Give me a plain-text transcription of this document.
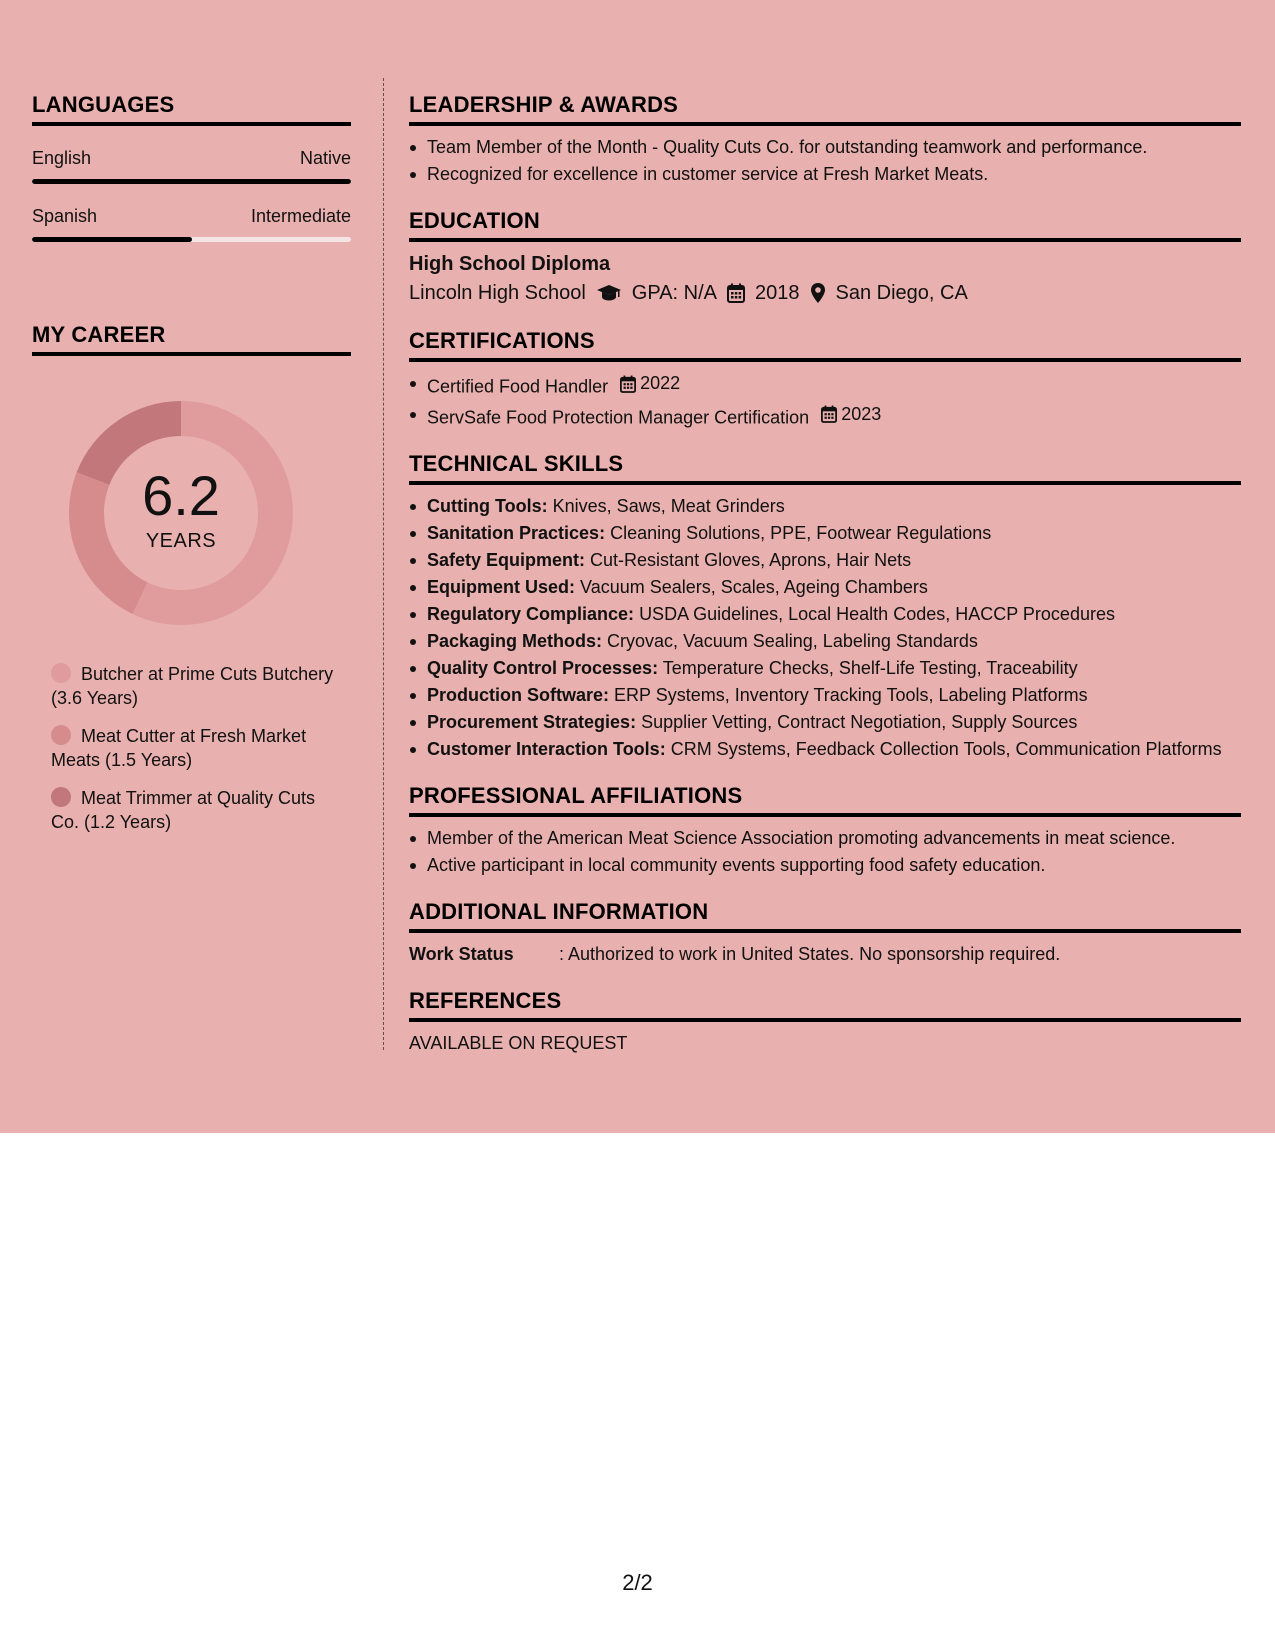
LANGUAGES
English	Native
Spanish	Intermediate
MY CAREER
6.2
YEARS
Butcher at Prime Cuts Butchery (3.6 Years)
Meat Cutter at Fresh Market Meats (1.5 Years)
Meat Trimmer at Quality Cuts Co. (1.2 Years)
LEADERSHIP & AWARDS
Team Member of the Month - Quality Cuts Co. for outstanding teamwork and performance.
Recognized for excellence in customer service at Fresh Market Meats.
EDUCATION
High School Diploma
Lincoln High School GPA: N/A 2018 San Diego, CA
CERTIFICATIONS
Certified Food Handler 2022
ServSafe Food Protection Manager Certification 2023
TECHNICAL SKILLS
Cutting Tools: Knives, Saws, Meat Grinders
Sanitation Practices: Cleaning Solutions, PPE, Footwear Regulations
Safety Equipment: Cut-Resistant Gloves, Aprons, Hair Nets
Equipment Used: Vacuum Sealers, Scales, Ageing Chambers
Regulatory Compliance: USDA Guidelines, Local Health Codes, HACCP Procedures
Packaging Methods: Cryovac, Vacuum Sealing, Labeling Standards
Quality Control Processes: Temperature Checks, Shelf-Life Testing, Traceability
Production Software: ERP Systems, Inventory Tracking Tools, Labeling Platforms
Procurement Strategies: Supplier Vetting, Contract Negotiation, Supply Sources
Customer Interaction Tools: CRM Systems, Feedback Collection Tools, Communication Platforms
PROFESSIONAL AFFILIATIONS
Member of the American Meat Science Association promoting advancements in meat science.
Active participant in local community events supporting food safety education.
ADDITIONAL INFORMATION
Work Status	: Authorized to work in United States. No sponsorship required.
REFERENCES
AVAILABLE ON REQUEST
2/2
